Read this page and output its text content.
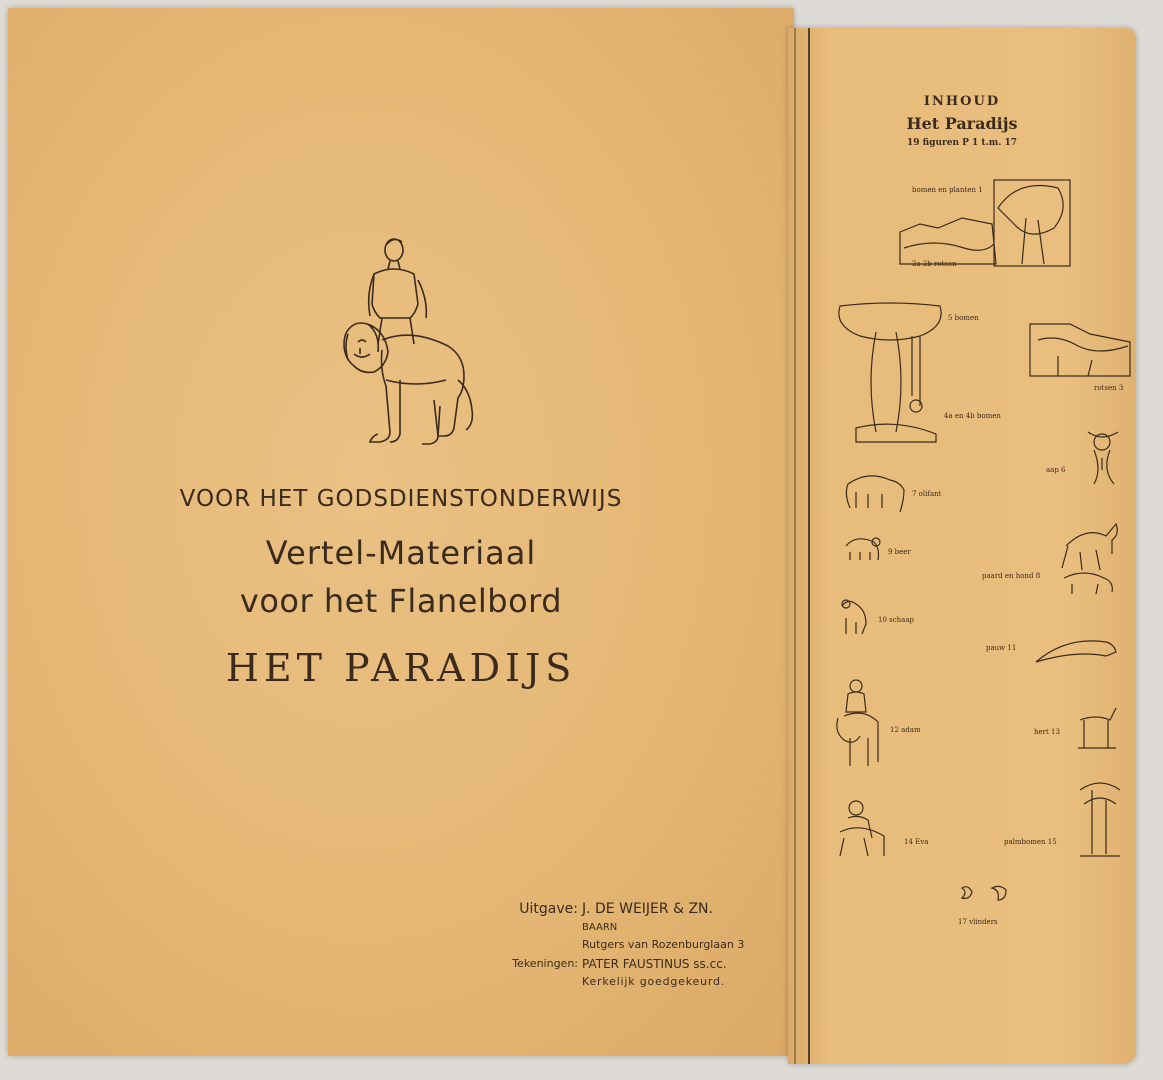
VOOR HET GODSDIENSTONDERWIJS
Vertel-Materiaal
voor het Flanelbord
HET PARADIJS
Uitgave: J. DE WEIJER & ZN.
BAARN
Rutgers van Rozenburglaan 3
Tekeningen: PATER FAUSTINUS ss.cc.
Kerkelijk goedgekeurd.
INHOUD
Het Paradijs
19 figuren P 1 t.m. 17
bomen en planten 1
2a 2b rotsen
5 bomen
4a en 4b bomen
rotsen 3
aap 6
7 olifant
9 beer
paard en hond 8
10 schaap
pauw 11
12 adam	hert 13
14 Eva	palmbomen 15
17 vlinders
